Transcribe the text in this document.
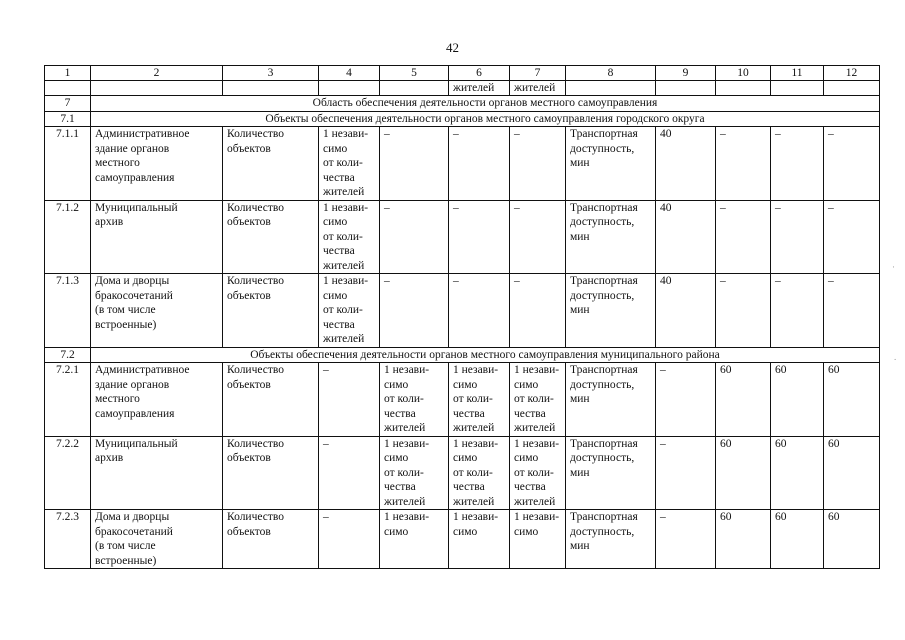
42
1	2	3	4	5	6	7	8	9	10	11	12
					жителей	жителей					
7	Область обеспечения деятельности органов местного самоуправления										
7.1	Объекты обеспечения деятельности органов местного самоуправления городского округа										
7.1.1	Административное
здание органов
местного
самоуправления	Количество
объектов	1 незави-
симо
от коли-
чества
жителей	–	–	–	Транспортная
доступность,
мин	40	–	–	–

7.1.2	Муниципальный
архив	Количество
объектов	1 незави-
симо
от коли-
чества
жителей	–	–	–	Транспортная
доступность,
мин	40	–	–	–

7.1.3	Дома и дворцы
бракосочетаний
(в том числе
встроенные)	Количество
объектов	1 незави-
симо
от коли-
чества
жителей	–	–	–	Транспортная
доступность,
мин	40	–	–	–

7.2	Объекты обеспечения деятельности органов местного самоуправления муниципального района										
7.2.1	Административное
здание органов
местного
самоуправления	Количество
объектов	–	1 незави-
симо
от коли-
чества
жителей	1 незави-
симо
от коли-
чества
жителей	1 незави-
симо
от коли-
чества
жителей	Транспортная
доступность,
мин	–	60	60	60

7.2.2	Муниципальный
архив	Количество
объектов	–	1 незави-
симо
от коли-
чества
жителей	1 незави-
симо
от коли-
чества
жителей	1 незави-
симо
от коли-
чества
жителей	Транспортная
доступность,
мин	–	60	60	60

7.2.3	Дома и дворцы
бракосочетаний
(в том числе
встроенные)	Количество
объектов	–	1 незави-
симо	1 незави-
симо	1 незави-
симо	Транспортная
доступность,
мин	–	60	60	60
·
.
